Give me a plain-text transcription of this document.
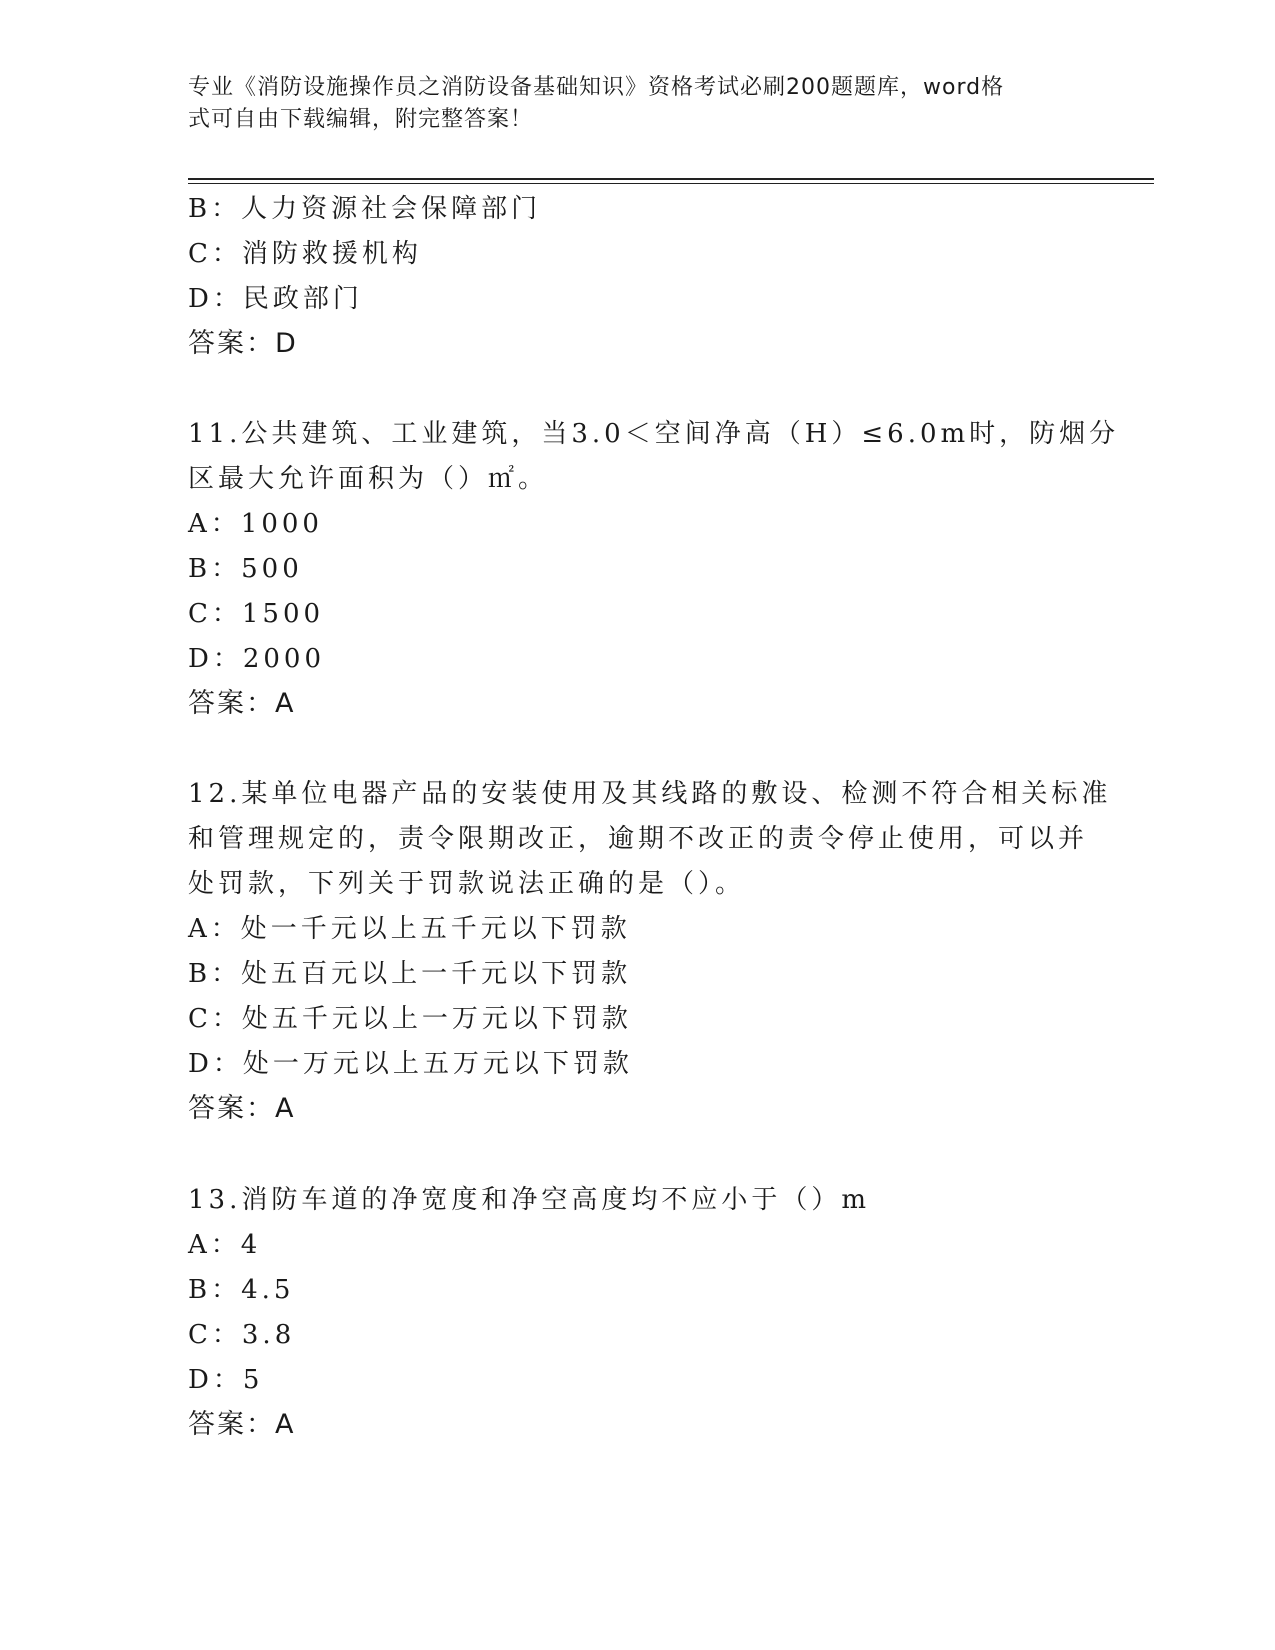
专业《消防设施操作员之消防设备基础知识》资格考试必刷200题题库，word格
式可自由下载编辑，附完整答案！
B：人力资源社会保障部门
C：消防救援机构
D：民政部门
答案：D
11.公共建筑、工业建筑，当3.0＜空间净高（H）≤6.0m时，防烟分
区最大允许面积为（）㎡。
A：1000
B：500
C：1500
D：2000
答案：A
12.某单位电器产品的安装使用及其线路的敷设、检测不符合相关标准
和管理规定的，责令限期改正，逾期不改正的责令停止使用，可以并
处罚款，下列关于罚款说法正确的是（）。
A：处一千元以上五千元以下罚款
B：处五百元以上一千元以下罚款
C：处五千元以上一万元以下罚款
D：处一万元以上五万元以下罚款
答案：A
13.消防车道的净宽度和净空高度均不应小于（）m
A：4
B：4.5
C：3.8
D：5
答案：A
